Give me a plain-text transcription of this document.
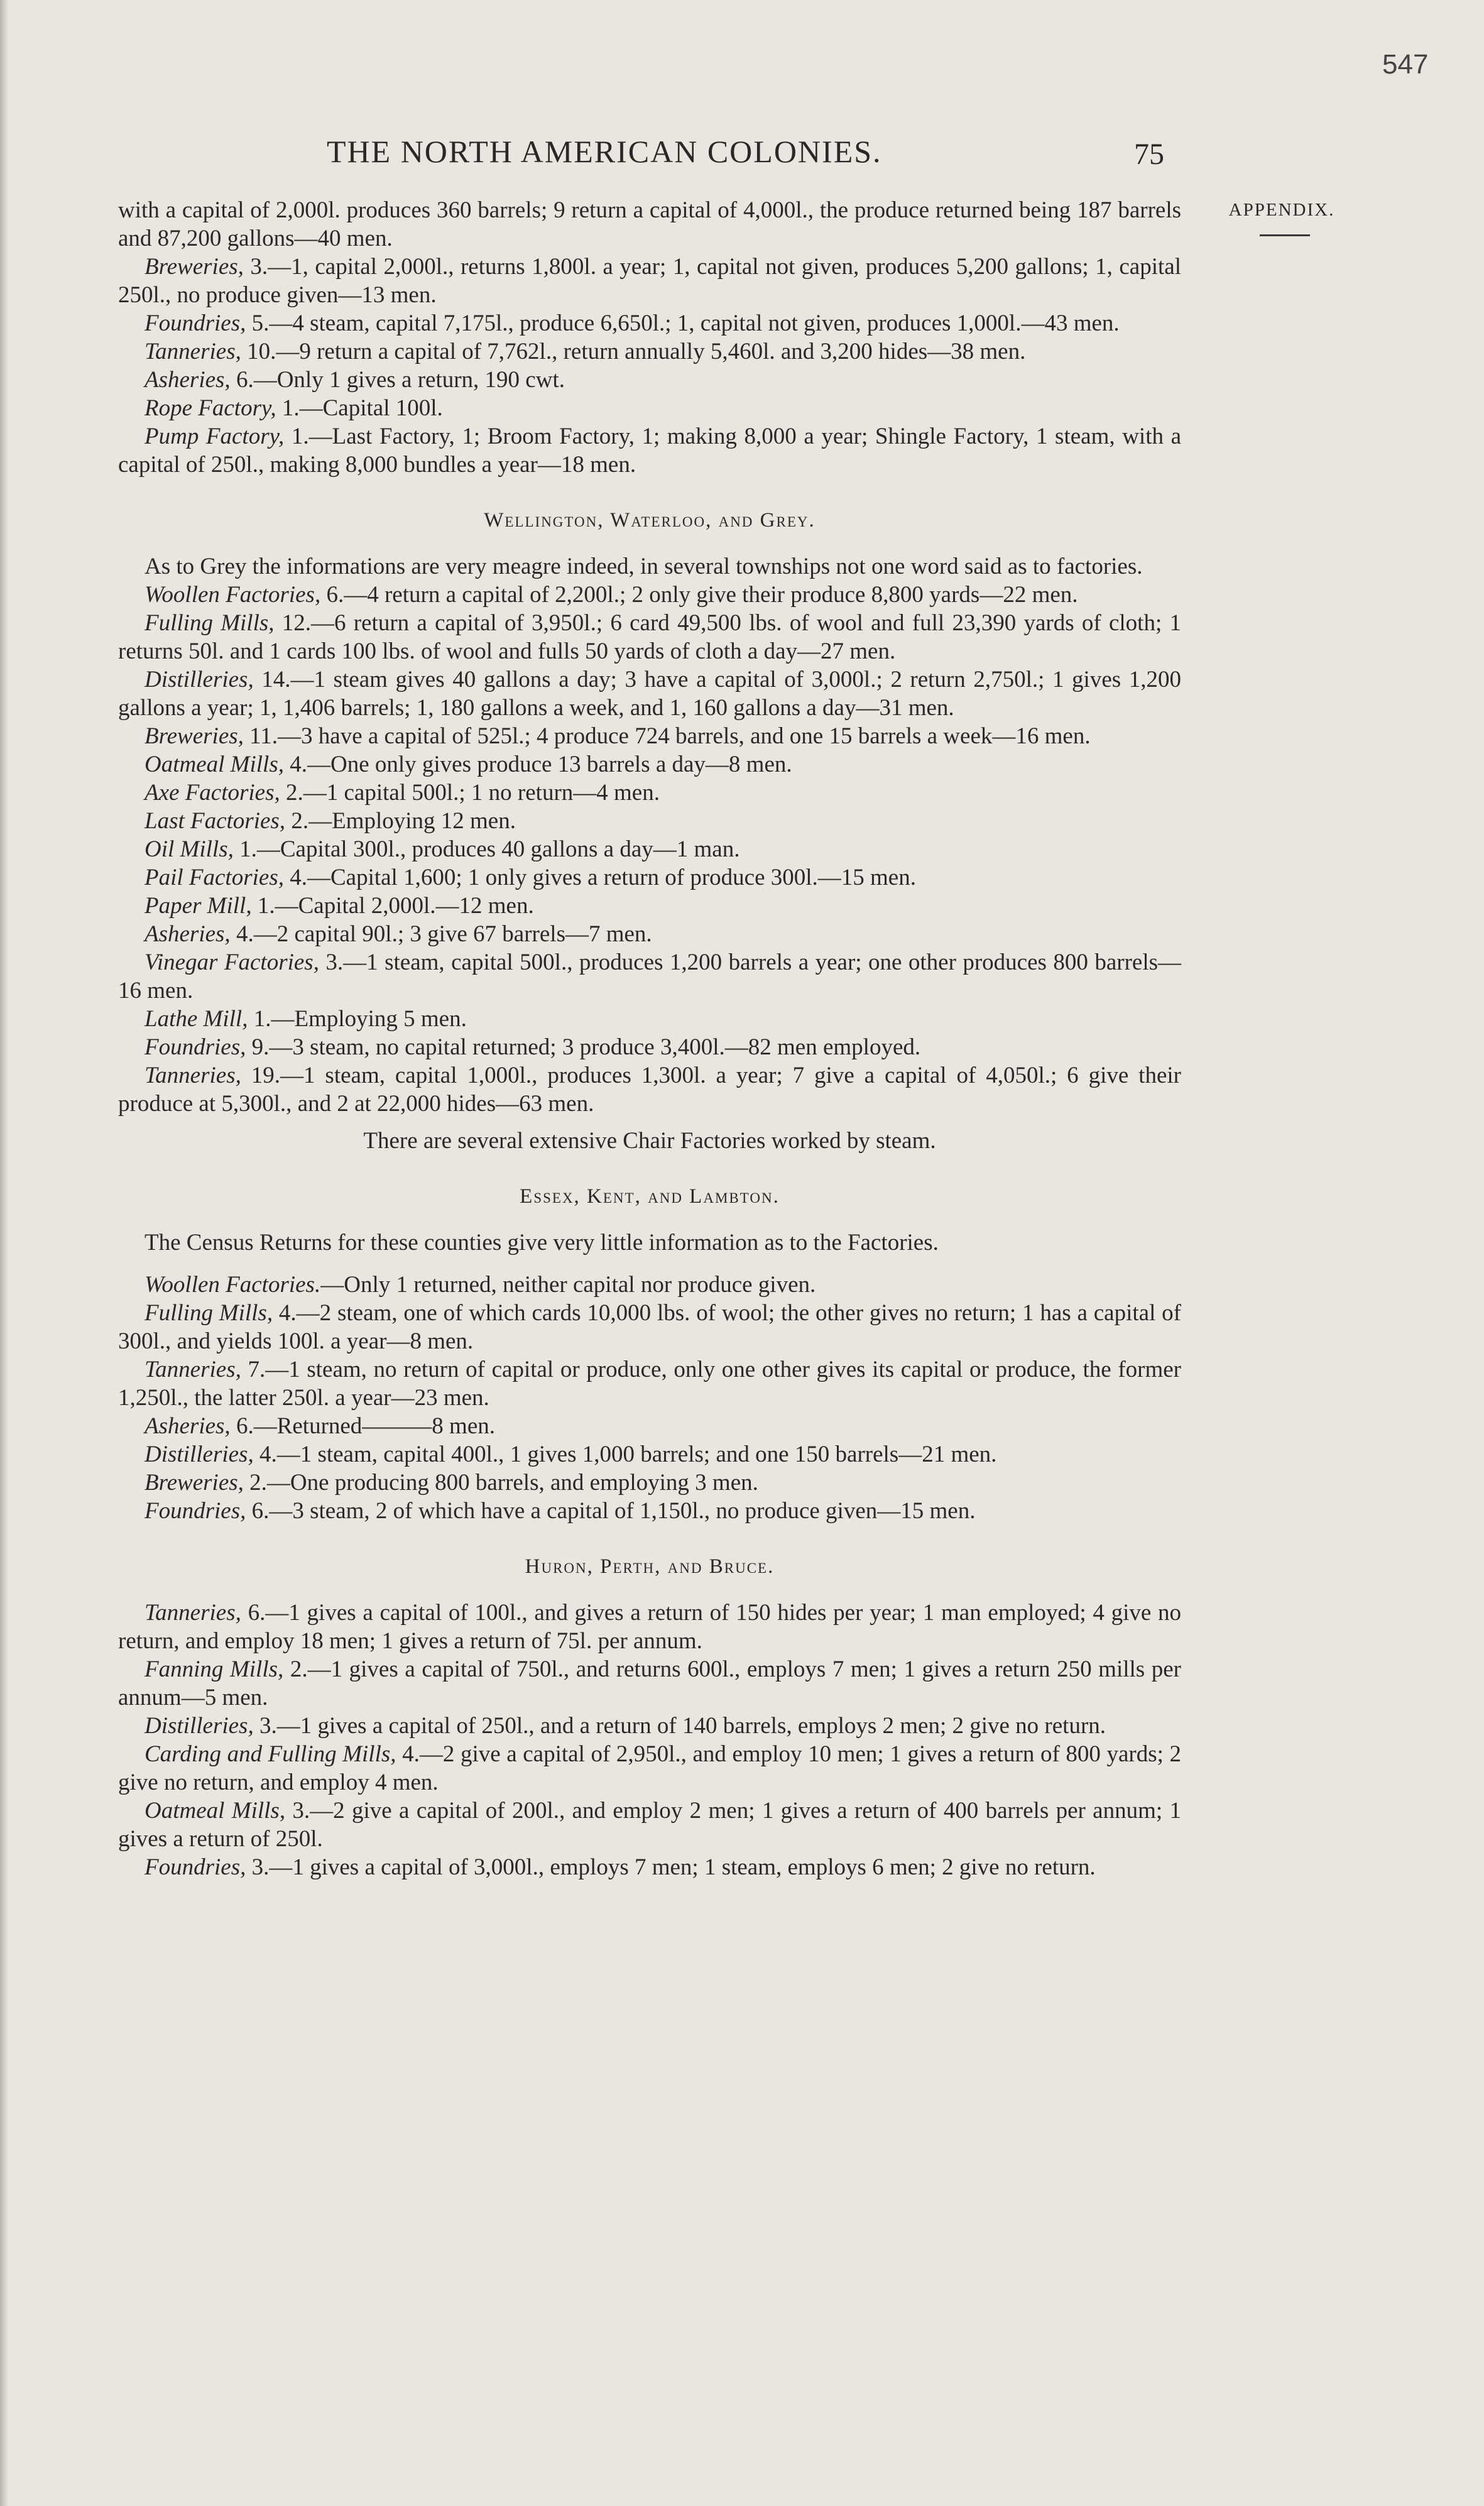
547
THE NORTH AMERICAN COLONIES.	75
APPENDIX.

with a capital of 2,000l. produces 360 barrels; 9 return a capital of 4,000l., the produce returned being 187 barrels and 87,200 gallons—40 men.

Breweries, 3.—1, capital 2,000l., returns 1,800l. a year; 1, capital not given, produces 5,200 gallons; 1, capital 250l., no produce given—13 men.

Foundries, 5.—4 steam, capital 7,175l., produce 6,650l.; 1, capital not given, produces 1,000l.—43 men.

Tanneries, 10.—9 return a capital of 7,762l., return annually 5,460l. and 3,200 hides—38 men.

Asheries, 6.—Only 1 gives a return, 190 cwt.

Rope Factory, 1.—Capital 100l.

Pump Factory, 1.—Last Factory, 1; Broom Factory, 1; making 8,000 a year; Shingle Factory, 1 steam, with a capital of 250l., making 8,000 bundles a year—18 men.

Wellington, Waterloo, and Grey.

As to Grey the informations are very meagre indeed, in several townships not one word said as to factories.

Woollen Factories, 6.—4 return a capital of 2,200l.; 2 only give their produce 8,800 yards—22 men.

Fulling Mills, 12.—6 return a capital of 3,950l.; 6 card 49,500 lbs. of wool and full 23,390 yards of cloth; 1 returns 50l. and 1 cards 100 lbs. of wool and fulls 50 yards of cloth a day—27 men.

Distilleries, 14.—1 steam gives 40 gallons a day; 3 have a capital of 3,000l.; 2 return 2,750l.; 1 gives 1,200 gallons a year; 1, 1,406 barrels; 1, 180 gallons a week, and 1, 160 gallons a day—31 men.

Breweries, 11.—3 have a capital of 525l.; 4 produce 724 barrels, and one 15 barrels a week—16 men.

Oatmeal Mills, 4.—One only gives produce 13 barrels a day—8 men.

Axe Factories, 2.—1 capital 500l.; 1 no return—4 men.

Last Factories, 2.—Employing 12 men.

Oil Mills, 1.—Capital 300l., produces 40 gallons a day—1 man.

Pail Factories, 4.—Capital 1,600; 1 only gives a return of produce 300l.—15 men.

Paper Mill, 1.—Capital 2,000l.—12 men.

Asheries, 4.—2 capital 90l.; 3 give 67 barrels—7 men.

Vinegar Factories, 3.—1 steam, capital 500l., produces 1,200 barrels a year; one other produces 800 barrels—16 men.

Lathe Mill, 1.—Employing 5 men.

Foundries, 9.—3 steam, no capital returned; 3 produce 3,400l.—82 men employed.

Tanneries, 19.—1 steam, capital 1,000l., produces 1,300l. a year; 7 give a capital of 4,050l.; 6 give their produce at 5,300l., and 2 at 22,000 hides—63 men.

There are several extensive Chair Factories worked by steam.

Essex, Kent, and Lambton.

The Census Returns for these counties give very little information as to the Factories.

Woollen Factories.—Only 1 returned, neither capital nor produce given.

Fulling Mills, 4.—2 steam, one of which cards 10,000 lbs. of wool; the other gives no return; 1 has a capital of 300l., and yields 100l. a year—8 men.

Tanneries, 7.—1 steam, no return of capital or produce, only one other gives its capital or produce, the former 1,250l., the latter 250l. a year—23 men.

Asheries, 6.—Returned———8 men.

Distilleries, 4.—1 steam, capital 400l., 1 gives 1,000 barrels; and one 150 barrels—21 men.

Breweries, 2.—One producing 800 barrels, and employing 3 men.

Foundries, 6.—3 steam, 2 of which have a capital of 1,150l., no produce given—15 men.

Huron, Perth, and Bruce.

Tanneries, 6.—1 gives a capital of 100l., and gives a return of 150 hides per year; 1 man employed; 4 give no return, and employ 18 men; 1 gives a return of 75l. per annum.

Fanning Mills, 2.—1 gives a capital of 750l., and returns 600l., employs 7 men; 1 gives a return 250 mills per annum—5 men.

Distilleries, 3.—1 gives a capital of 250l., and a return of 140 barrels, employs 2 men; 2 give no return.

Carding and Fulling Mills, 4.—2 give a capital of 2,950l., and employ 10 men; 1 gives a return of 800 yards; 2 give no return, and employ 4 men.

Oatmeal Mills, 3.—2 give a capital of 200l., and employ 2 men; 1 gives a return of 400 barrels per annum; 1 gives a return of 250l.

Foundries, 3.—1 gives a capital of 3,000l., employs 7 men; 1 steam, employs 6 men; 2 give no return.
